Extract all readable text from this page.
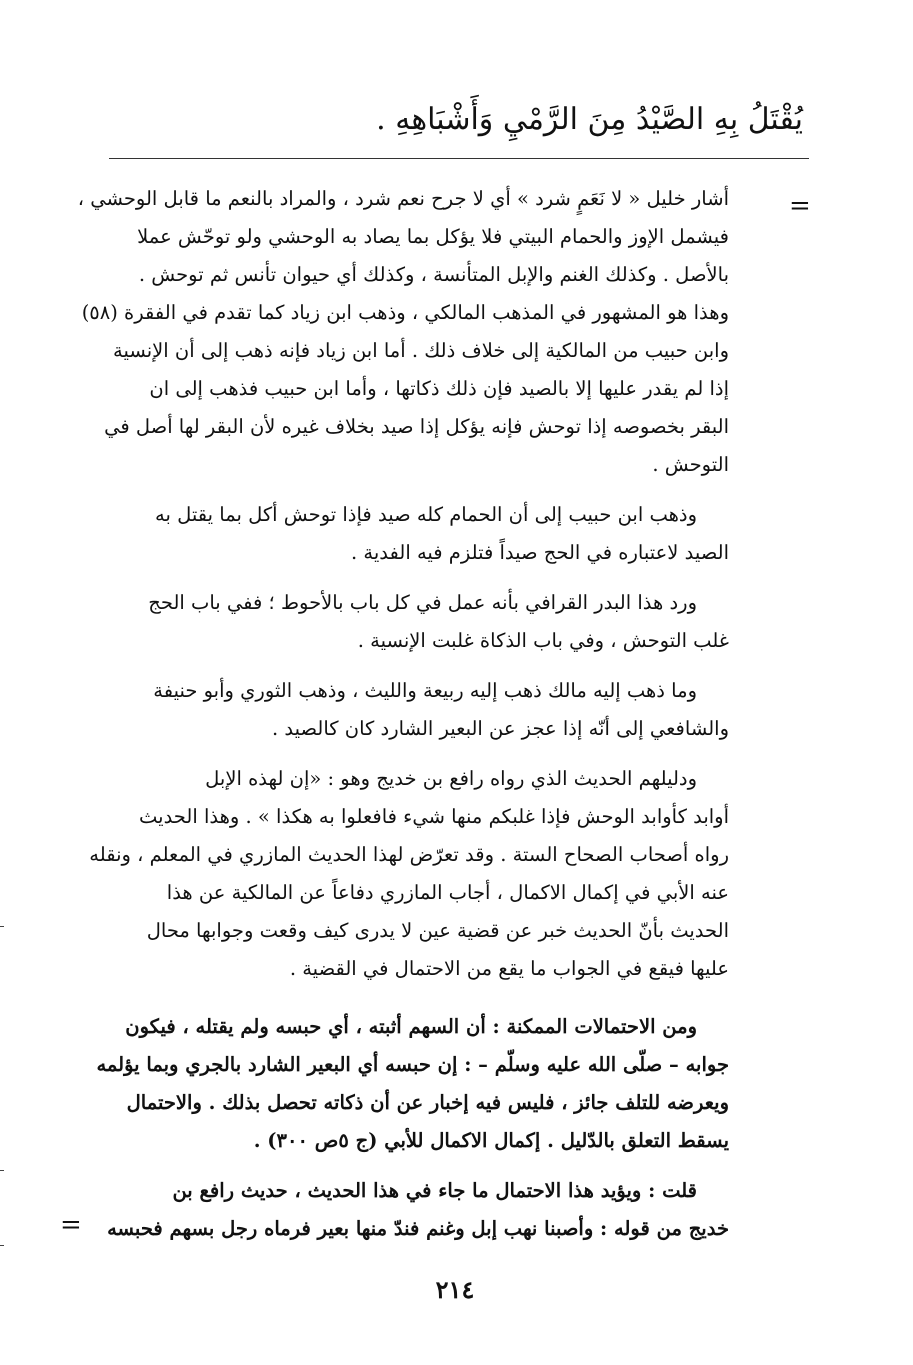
يُقْتَلُ بِهِ الصَّيْدُ مِنَ الرَّمْيِ وَأَشْبَاهِهِ .
=
أشار خليل « لا نَعَمٍ شرد » أي لا جرح نعم شرد ، والمراد بالنعم ما قابل الوحشي ،
فيشمل الإوز والحمام البيتي فلا يؤكل بما يصاد به الوحشي ولو توحّش عملا
بالأصل . وكذلك الغنم والإبل المتأنسة ، وكذلك أي حيوان تأنس ثم توحش .
وهذا هو المشهور في المذهب المالكي ، وذهب ابن زياد كما تقدم في الفقرة (٥٨)
وابن حبيب من المالكية إلى خلاف ذلك . أما ابن زياد فإنه ذهب إلى أن الإنسية
إذا لم يقدر عليها إلا بالصيد فإن ذلك ذكاتها ، وأما ابن حبيب فذهب إلى ان
البقر بخصوصه إذا توحش فإنه يؤكل إذا صيد بخلاف غيره لأن البقر لها أصل في
التوحش .
وذهب ابن حبيب إلى أن الحمام كله صيد فإذا توحش أكل بما يقتل به
الصيد لاعتباره في الحج صيداً فتلزم فيه الفدية .
ورد هذا البدر القرافي بأنه عمل في كل باب بالأحوط ؛ ففي باب الحج
غلب التوحش ، وفي باب الذكاة غلبت الإنسية .
وما ذهب إليه مالك ذهب إليه ربيعة والليث ، وذهب الثوري وأبو حنيفة
والشافعي إلى أنّه إذا عجز عن البعير الشارد كان كالصيد .
ودليلهم الحديث الذي رواه رافع بن خديج وهو : «إن لهذه الإبل
أوابد كأوابد الوحش فإذا غلبكم منها شيء فافعلوا به هكذا » . وهذا الحديث
رواه أصحاب الصحاح الستة . وقد تعرّض لهذا الحديث المازري في المعلم ، ونقله
عنه الأبي في إكمال الاكمال ، أجاب المازري دفاعاً عن المالكية عن هذا
الحديث بأنّ الحديث خبر عن قضية عين لا يدرى كيف وقعت وجوابها محال
عليها فيقع في الجواب ما يقع من الاحتمال في القضية .
ومن الاحتمالات الممكنة : أن السهم أثبته ، أي حبسه ولم يقتله ، فيكون
جوابه – صلّى الله عليه وسلّم – : إن حبسه أي البعير الشارد بالجري وبما يؤلمه
ويعرضه للتلف جائز ، فليس فيه إخبار عن أن ذكاته تحصل بذلك . والاحتمال
يسقط التعلق بالدّليل . إكمال الاكمال للأبي (ج ٥ص ٣٠٠) .
قلت : ويؤيد هذا الاحتمال ما جاء في هذا الحديث ، حديث رافع بن
خديج من قوله : وأصبنا نهب إبل وغنم فندّ منها بعير فرماه رجل بسهم فحبسه
=
٢١٤
